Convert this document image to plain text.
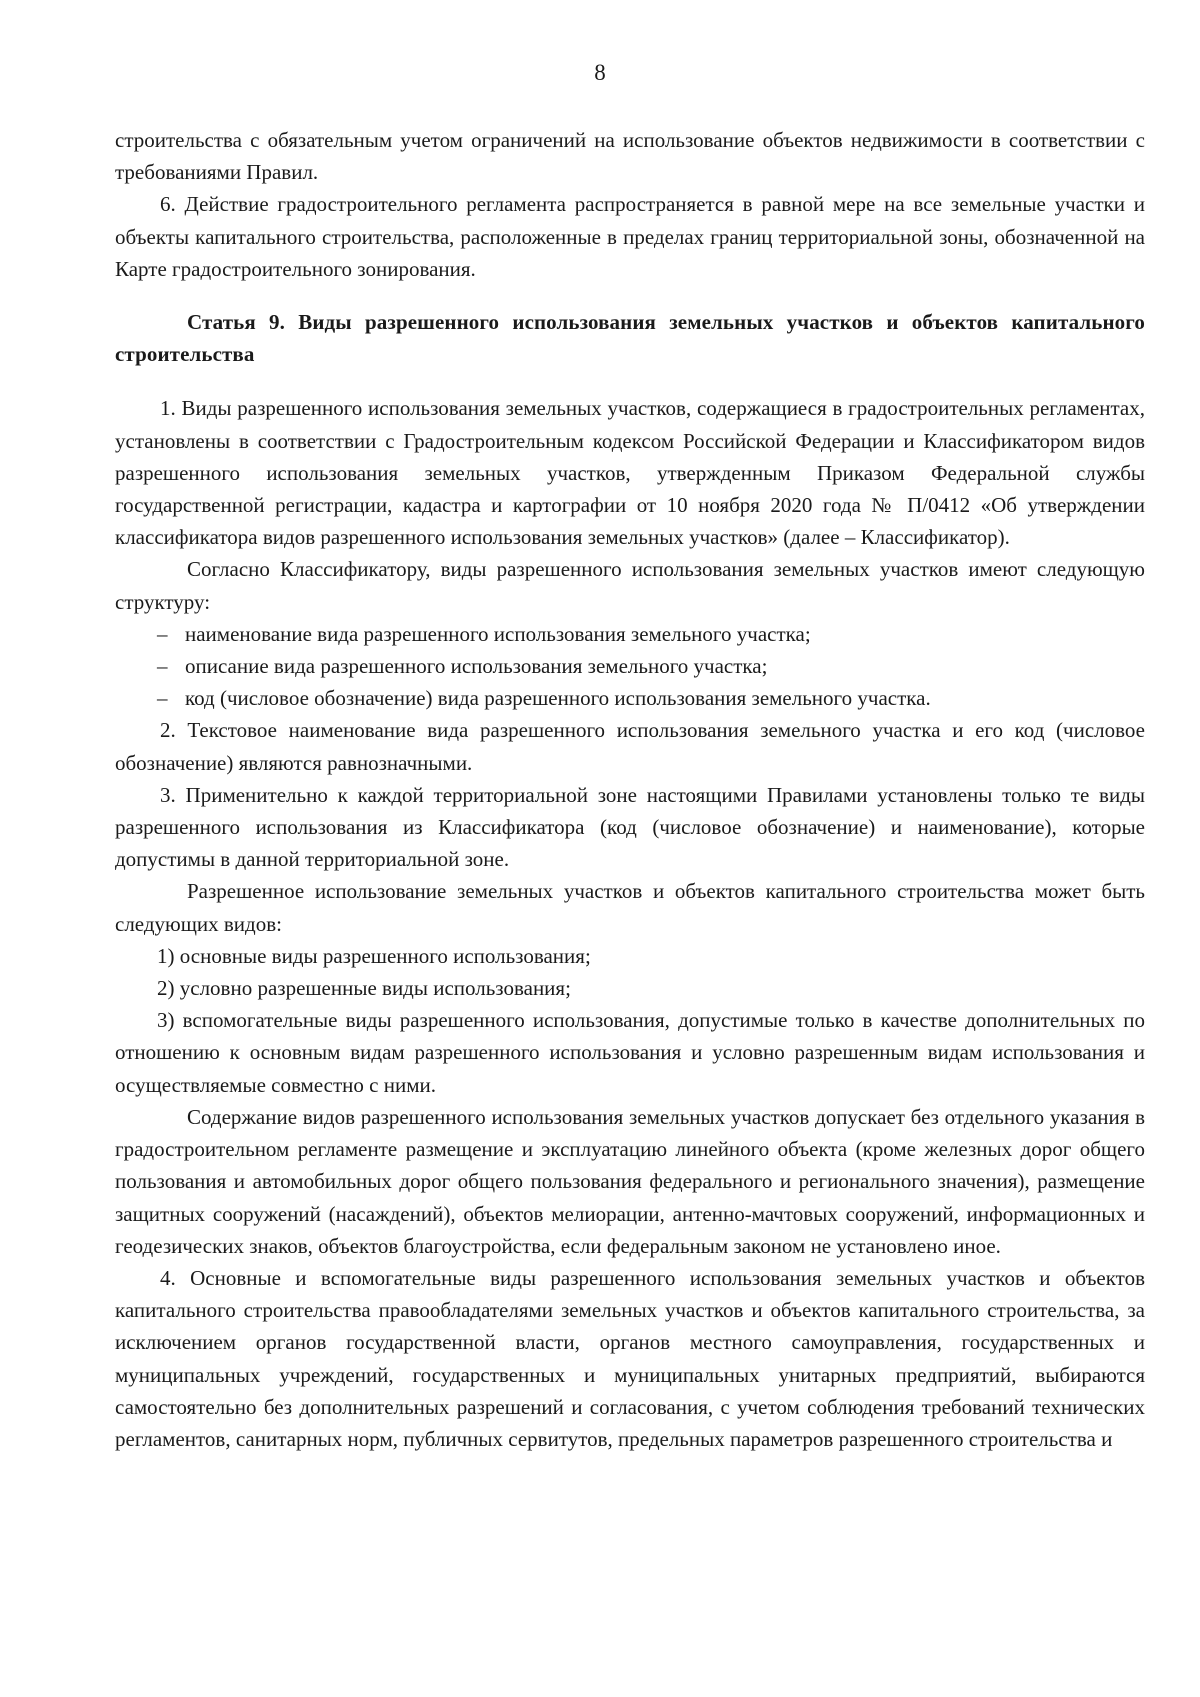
8

строительства с обязательным учетом ограничений на использование объектов недвижимости в соответствии с требованиями Правил.

6. Действие градостроительного регламента распространяется в равной мере на все земельные участки и объекты капитального строительства, расположенные в пределах границ территориальной зоны, обозначенной на Карте градостроительного зонирования.

Статья 9. Виды разрешенного использования земельных участков и объектов капитального строительства

1. Виды разрешенного использования земельных участков, содержащиеся в градостроительных регламентах, установлены в соответствии с Градостроительным кодексом Российской Федерации и Классификатором видов разрешенного использования земельных участков, утвержденным Приказом Федеральной службы государственной регистрации, кадастра и картографии от 10 ноября 2020 года № П/0412 «Об утверждении классификатора видов разрешенного использования земельных участков» (далее – Классификатор).

Согласно Классификатору, виды разрешенного использования земельных участков имеют следующую структуру:

– наименование вида разрешенного использования земельного участка;
– описание вида разрешенного использования земельного участка;
– код (числовое обозначение) вида разрешенного использования земельного участка.

2. Текстовое наименование вида разрешенного использования земельного участка и его код (числовое обозначение) являются равнозначными.

3. Применительно к каждой территориальной зоне настоящими Правилами установлены только те виды разрешенного использования из Классификатора (код (числовое обозначение) и наименование), которые допустимы в данной территориальной зоне.

Разрешенное использование земельных участков и объектов капитального строительства может быть следующих видов:

1) основные виды разрешенного использования;

2) условно разрешенные виды использования;

3) вспомогательные виды разрешенного использования, допустимые только в качестве дополнительных по отношению к основным видам разрешенного использования и условно разрешенным видам использования и осуществляемые совместно с ними.

Содержание видов разрешенного использования земельных участков допускает без отдельного указания в градостроительном регламенте размещение и эксплуатацию линейного объекта (кроме железных дорог общего пользования и автомобильных дорог общего пользования федерального и регионального значения), размещение защитных сооружений (насаждений), объектов мелиорации, антенно-мачтовых сооружений, информационных и геодезических знаков, объектов благоустройства, если федеральным законом не установлено иное.

4. Основные и вспомогательные виды разрешенного использования земельных участков и объектов капитального строительства правообладателями земельных участков и объектов капитального строительства, за исключением органов государственной власти, органов местного самоуправления, государственных и муниципальных учреждений, государственных и муниципальных унитарных предприятий, выбираются самостоятельно без дополнительных разрешений и согласования, с учетом соблюдения требований технических регламентов, санитарных норм, публичных сервитутов, предельных параметров разрешенного строительства и
